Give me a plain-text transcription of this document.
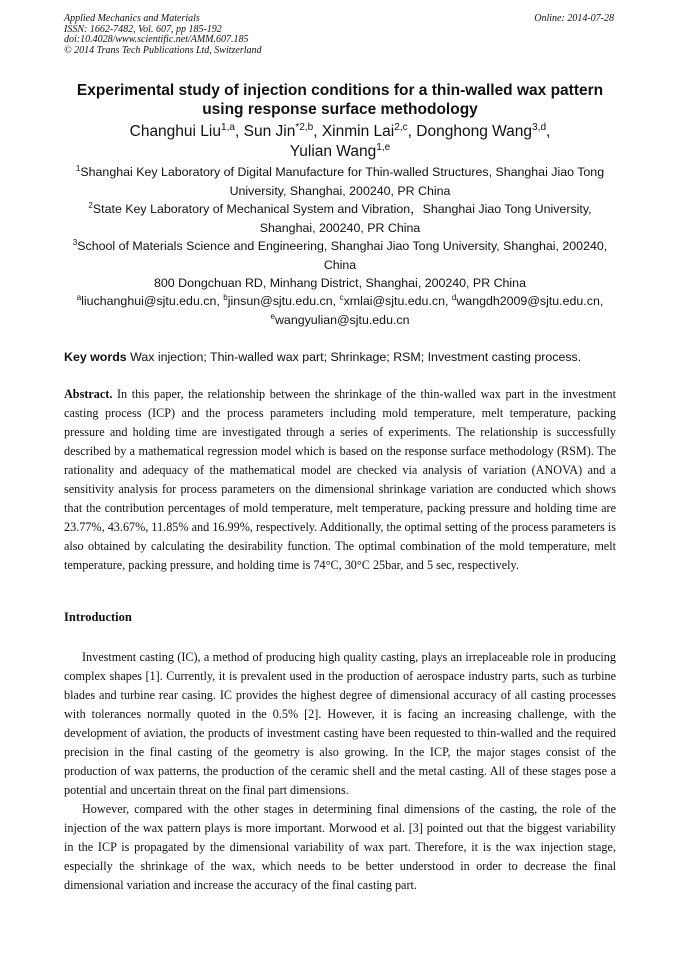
Applied Mechanics and Materials
ISSN: 1662-7482, Vol. 607, pp 185-192
doi:10.4028/www.scientific.net/AMM.607.185
© 2014 Trans Tech Publications Ltd, Switzerland
Online: 2014-07-28
Experimental study of injection conditions for a thin-walled wax pattern using response surface methodology
Changhui Liu$^{1,a}$, Sun Jin$^{*2,b}$, Xinmin Lai$^{2,c}$, Donghong Wang$^{3,d}$,
Yulian Wang$^{1,e}$
$^1$Shanghai Key Laboratory of Digital Manufacture for Thin-walled Structures, Shanghai Jiao Tong University, Shanghai, 200240, PR China
$^2$State Key Laboratory of Mechanical System and Vibration，Shanghai Jiao Tong University, Shanghai, 200240, PR China
$^3$School of Materials Science and Engineering, Shanghai Jiao Tong University, Shanghai, 200240, China
800 Dongchuan RD, Minhang District, Shanghai, 200240, PR China
$^a$liuchanghui@sjtu.edu.cn, $^b$jinsun@sjtu.edu.cn, $^c$xmlai@sjtu.edu.cn, $^d$wangdh2009@sjtu.edu.cn,
$^e$wangyulian@sjtu.edu.cn
Key words Wax injection; Thin-walled wax part; Shrinkage; RSM; Investment casting process.
Abstract. In this paper, the relationship between the shrinkage of the thin-walled wax part in the investment casting process (ICP) and the process parameters including mold temperature, melt temperature, packing pressure and holding time are investigated through a series of experiments. The relationship is successfully described by a mathematical regression model which is based on the response surface methodology (RSM). The rationality and adequacy of the mathematical model are checked via analysis of variation (ANOVA) and a sensitivity analysis for process parameters on the dimensional shrinkage variation are conducted which shows that the contribution percentages of mold temperature, melt temperature, packing pressure and holding time are 23.77%, 43.67%, 11.85% and 16.99%, respectively. Additionally, the optimal setting of the process parameters is also obtained by calculating the desirability function. The optimal combination of the mold temperature, melt temperature, packing pressure, and holding time is 74°C, 30°C 25bar, and 5 sec, respectively.
Introduction

Investment casting (IC), a method of producing high quality casting, plays an irreplaceable role in producing complex shapes [1]. Currently, it is prevalent used in the production of aerospace industry parts, such as turbine blades and turbine rear casing. IC provides the highest degree of dimensional accuracy of all casting processes with tolerances normally quoted in the 0.5% [2]. However, it is facing an increasing challenge, with the development of aviation, the products of investment casting have been requested to thin-walled and the required precision in the final casting of the geometry is also growing. In the ICP, the major stages consist of the production of wax patterns, the production of the ceramic shell and the metal casting. All of these stages pose a potential and uncertain threat on the final part dimensions.

However, compared with the other stages in determining final dimensions of the casting, the role of the injection of the wax pattern plays is more important. Morwood et al. [3] pointed out that the biggest variability in the ICP is propagated by the dimensional variability of wax part. Therefore, it is the wax injection stage, especially the shrinkage of the wax, which needs to be better understood in order to decrease the final dimensional variation and increase the accuracy of the final casting part.
